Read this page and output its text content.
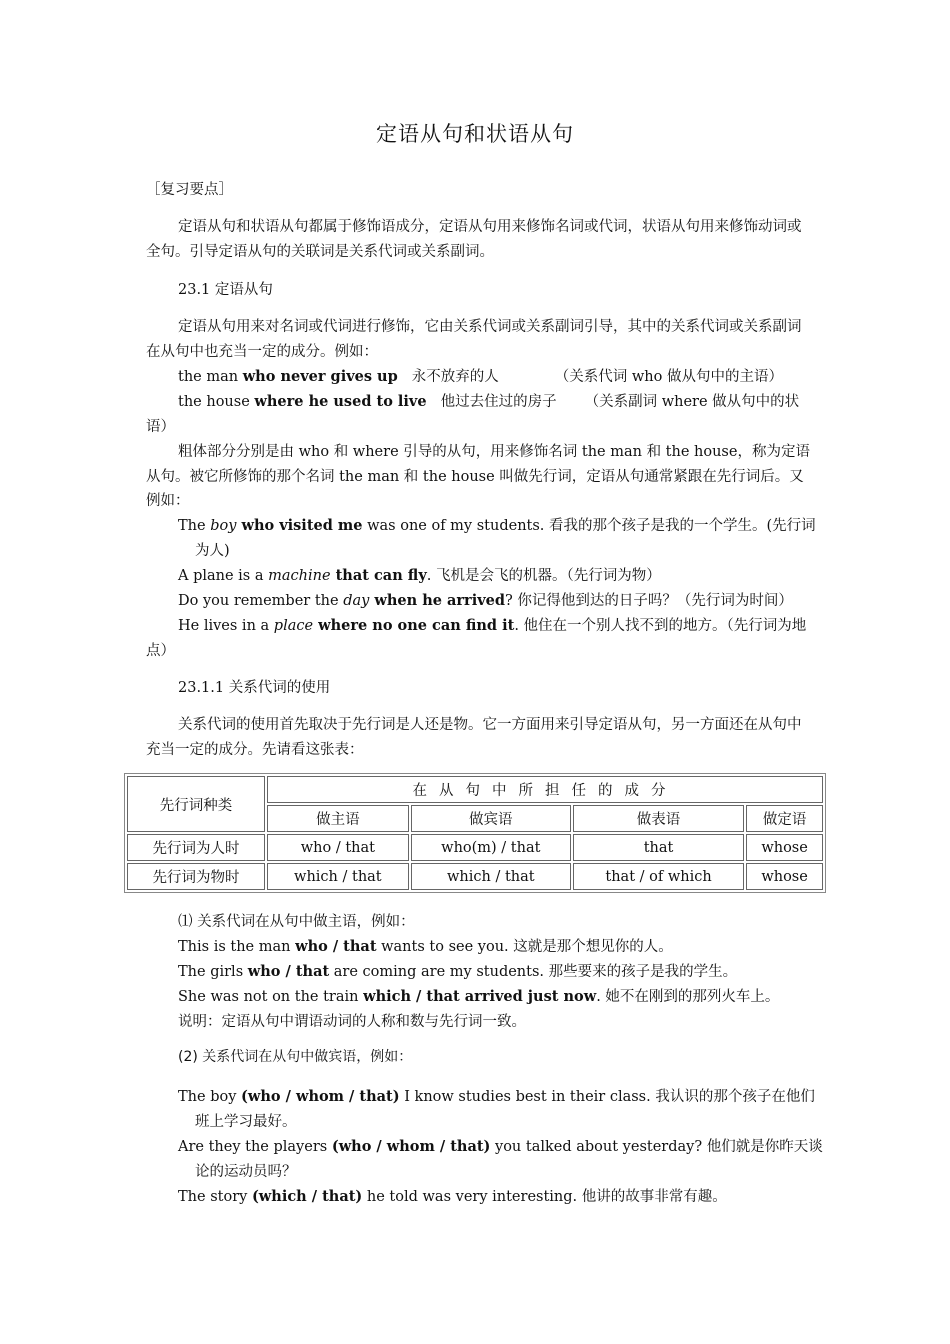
定语从句和状语从句

［复习要点］

定语从句和状语从句都属于修饰语成分，定语从句用来修饰名词或代词，状语从句用来修饰动词或全句。引导定语从句的关联词是关系代词或关系副词。

23.1 定语从句

定语从句用来对名词或代词进行修饰，它由关系代词或关系副词引导，其中的关系代词或关系副词在从句中也充当一定的成分。例如：

the man who never gives up 永不放弃的人	（关系代词 who 做从句中的主语）

the house where he used to live 他过去住过的房子 （关系副词 where 做从句中的状语）

粗体部分分别是由 who 和 where 引导的从句，用来修饰名词 the man 和 the house，称为定语从句。被它所修饰的那个名词 the man 和 the house 叫做先行词，定语从句通常紧跟在先行词后。又例如：

The boy who visited me was one of my students. 看我的那个孩子是我的一个学生。(先行词为人)

A plane is a machine that can fly. 飞机是会飞的机器。（先行词为物）

Do you remember the day when he arrived? 你记得他到达的日子吗？（先行词为时间）

He lives in a place where no one can find it. 他住在一个别人找不到的地方。（先行词为地点）

23.1.1 关系代词的使用

关系代词的使用首先取决于先行词是人还是物。它一方面用来引导定语从句，另一方面还在从句中充当一定的成分。先请看这张表：

先行词种类	在从句中所担任的成分			
	做主语	做宾语	做表语	做定语
先行词为人时	who / that	who(m) / that	that	whose
先行词为物时	which / that	which / that	that / of which	whose

⑴ 关系代词在从句中做主语，例如：

This is the man who / that wants to see you. 这就是那个想见你的人。

The girls who / that are coming are my students. 那些要来的孩子是我的学生。

She was not on the train which / that arrived just now. 她不在刚到的那列火车上。

说明：定语从句中谓语动词的人称和数与先行词一致。

(2) 关系代词在从句中做宾语，例如：

The boy (who / whom / that) I know studies best in their class. 我认识的那个孩子在他们班上学习最好。

Are they the players (who / whom / that) you talked about yesterday? 他们就是你昨天谈论的运动员吗？

The story (which / that) he told was very interesting. 他讲的故事非常有趣。
